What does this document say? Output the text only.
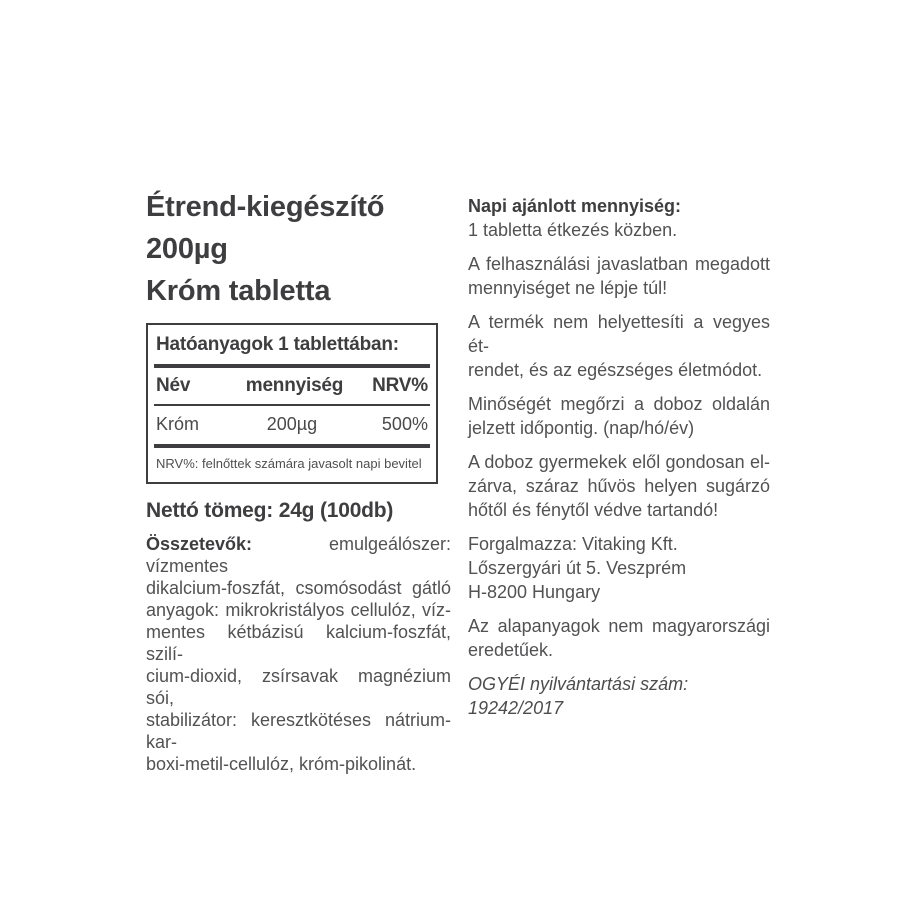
Étrend-kiegészítő
200µg
Króm tabletta
Hatóanyagok 1 tablettában:
Név	mennyiség	NRV%
Króm	200µg	500%
NRV%: felnőttek számára javasolt napi bevitel
Nettó tömeg: 24g (100db)
Összetevők:	emulgeálószer: vízmentes
dikalcium-foszfát, csomósodást gátló
anyagok: mikrokristályos cellulóz, víz-
mentes kétbázisú kalcium-foszfát, szilí-
cium-dioxid, zsírsavak magnézium sói,
stabilizátor: keresztkötéses nátrium-kar-
boxi-metil-cellulóz, króm-pikolinát.

Napi ajánlott mennyiség:
1 tabletta étkezés közben.

A felhasználási javaslatban megadott
mennyiséget ne lépje túl!

A termék nem helyettesíti a vegyes ét-
rendet, és az egészséges életmódot.

Minőségét megőrzi a doboz oldalán
jelzett időpontig. (nap/hó/év)

A doboz gyermekek elől gondosan el-
zárva, száraz hűvös helyen sugárzó
hőtől és fénytől védve tartandó!

Forgalmazza: Vitaking Kft.
Lőszergyári út 5. Veszprém
H-8200 Hungary

Az alapanyagok nem magyarországi
eredetűek.

OGYÉI nyilvántartási szám: 19242/2017
